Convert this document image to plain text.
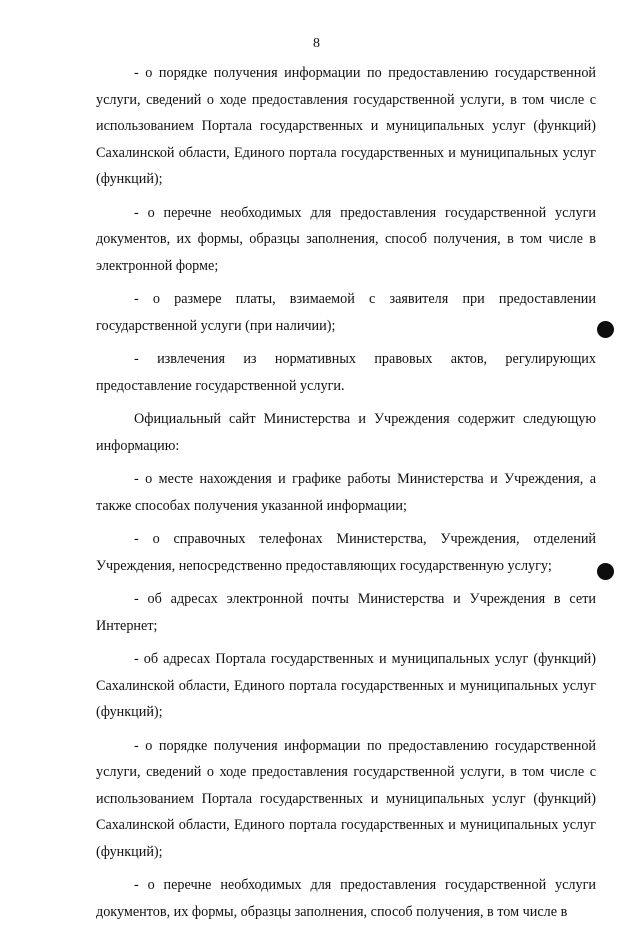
8

- о порядке получения информации по предоставлению государственной услуги, сведений о ходе предоставления государственной услуги, в том числе с использованием Портала государственных и муниципальных услуг (функций) Сахалинской области, Единого портала государственных и муниципальных услуг (функций);

- о перечне необходимых для предоставления государственной услуги документов, их формы, образцы заполнения, способ получения, в том числе в электронной форме;

- о размере платы, взимаемой с заявителя при предоставлении государственной услуги (при наличии);

- извлечения из нормативных правовых актов, регулирующих предоставление государственной услуги.

Официальный сайт Министерства и Учреждения содержит следующую информацию:

- о месте нахождения и графике работы Министерства и Учреждения, а также способах получения указанной информации;

- о справочных телефонах Министерства, Учреждения, отделений Учреждения, непосредственно предоставляющих государственную услугу;

- об адресах электронной почты Министерства и Учреждения в сети Интернет;

- об адресах Портала государственных и муниципальных услуг (функций) Сахалинской области, Единого портала государственных и муниципальных услуг (функций);

- о порядке получения информации по предоставлению государственной услуги, сведений о ходе предоставления государственной услуги, в том числе с использованием Портала государственных и муниципальных услуг (функций) Сахалинской области, Единого портала государственных и муниципальных услуг (функций);

- о перечне необходимых для предоставления государственной услуги документов, их формы, образцы заполнения, способ получения, в том числе в
